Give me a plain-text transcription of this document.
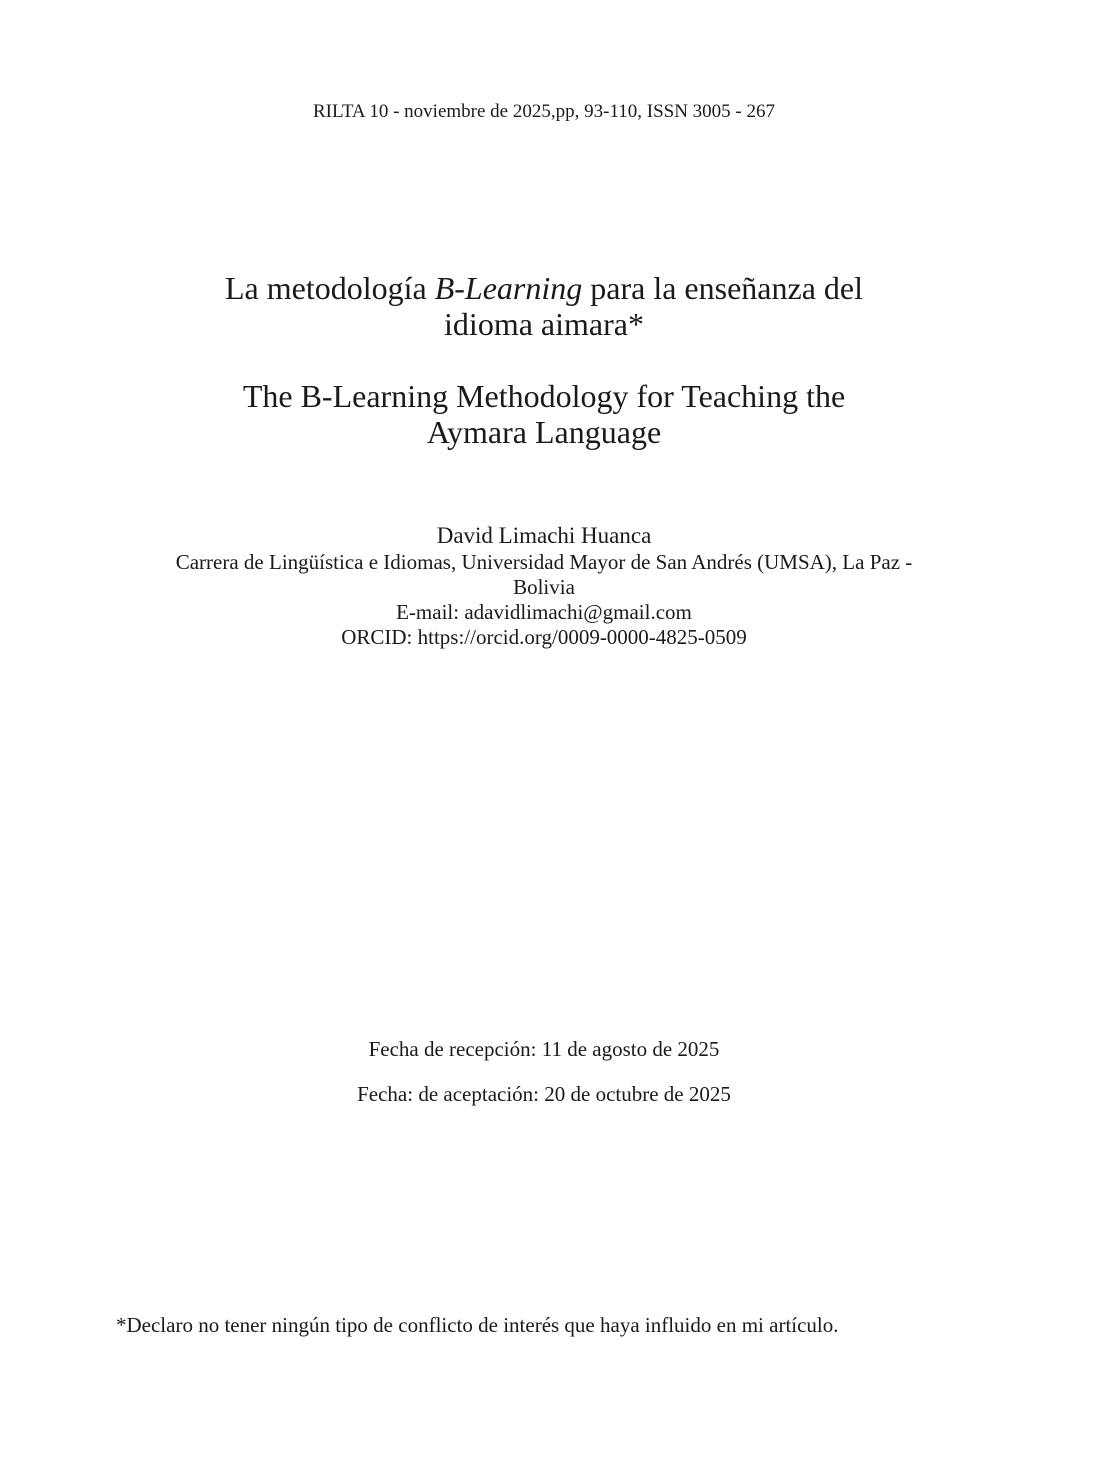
RILTA 10 - noviembre de 2025,pp, 93-110, ISSN 3005 - 267
La metodología B-Learning para la enseñanza del
idioma aimara*
The B-Learning Methodology for Teaching the
Aymara Language
David Limachi Huanca
Carrera de Lingüística e Idiomas, Universidad Mayor de San Andrés (UMSA), La Paz -
Bolivia
E-mail: adavidlimachi@gmail.com
ORCID: https://orcid.org/0009-0000-4825-0509
Fecha de recepción: 11 de agosto de 2025
Fecha: de aceptación: 20 de octubre de 2025
*Declaro no tener ningún tipo de conflicto de interés que haya influido en mi artículo.
